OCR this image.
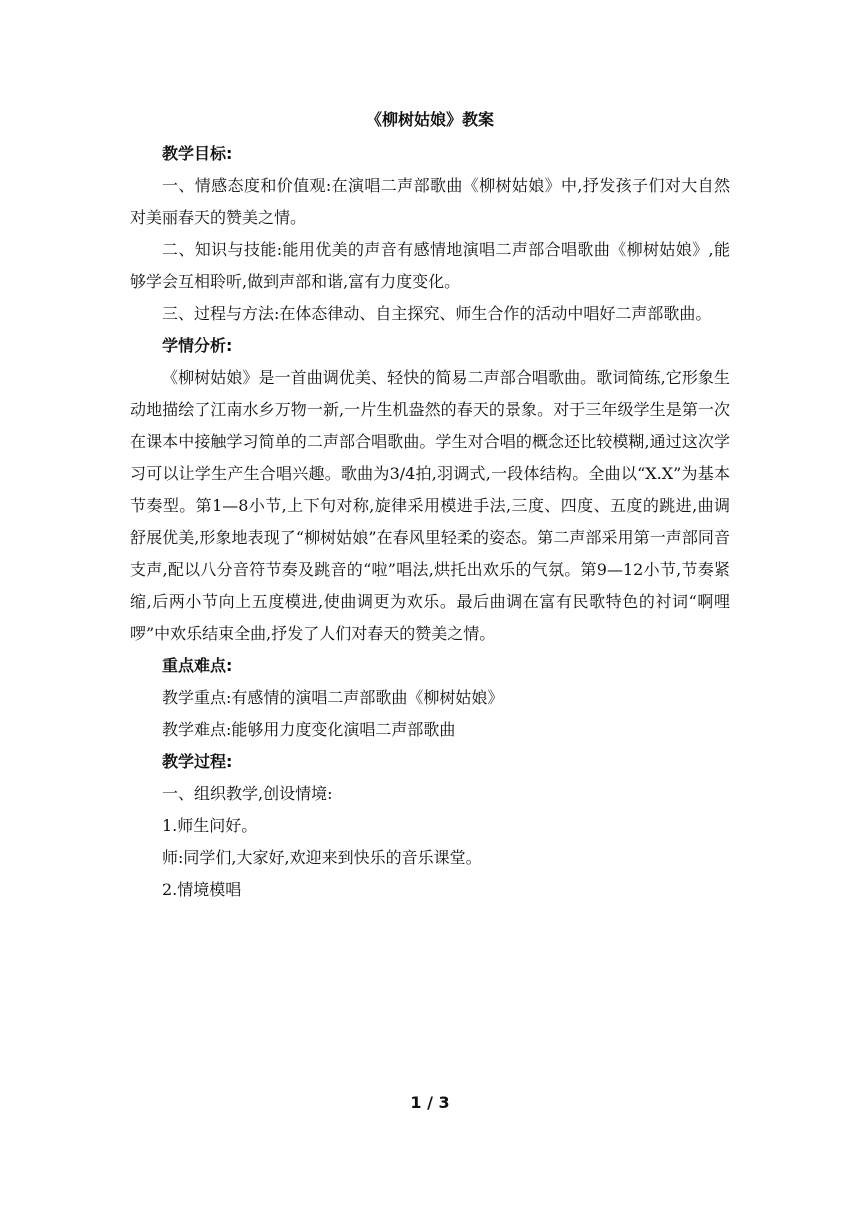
《柳树姑娘》教案
教学目标:

一、情感态度和价值观:在演唱二声部歌曲《柳树姑娘》中,抒发孩子们对大自然对美丽春天的赞美之情。

二、知识与技能:能用优美的声音有感情地演唱二声部合唱歌曲《柳树姑娘》,能够学会互相聆听,做到声部和谐,富有力度变化。

三、过程与方法:在体态律动、自主探究、师生合作的活动中唱好二声部歌曲。

学情分析:

《柳树姑娘》是一首曲调优美、轻快的简易二声部合唱歌曲。歌词简练,它形象生动地描绘了江南水乡万物一新,一片生机盎然的春天的景象。对于三年级学生是第一次在课本中接触学习简单的二声部合唱歌曲。学生对合唱的概念还比较模糊,通过这次学习可以让学生产生合唱兴趣。歌曲为3/4拍,羽调式,一段体结构。全曲以“X.X”为基本节奏型。第1—8小节,上下句对称,旋律采用模进手法,三度、四度、五度的跳进,曲调舒展优美,形象地表现了“柳树姑娘”在春风里轻柔的姿态。第二声部采用第一声部同音支声,配以八分音符节奏及跳音的“啦”唱法,烘托出欢乐的气氛。第9—12小节,节奏紧缩,后两小节向上五度模进,使曲调更为欢乐。最后曲调在富有民歌特色的衬词“啊哩啰”中欢乐结束全曲,抒发了人们对春天的赞美之情。

重点难点:

教学重点:有感情的演唱二声部歌曲《柳树姑娘》

教学难点:能够用力度变化演唱二声部歌曲

教学过程:

一、组织教学,创设情境:

1.师生问好。

师:同学们,大家好,欢迎来到快乐的音乐课堂。

2.情境模唱

1 / 3
